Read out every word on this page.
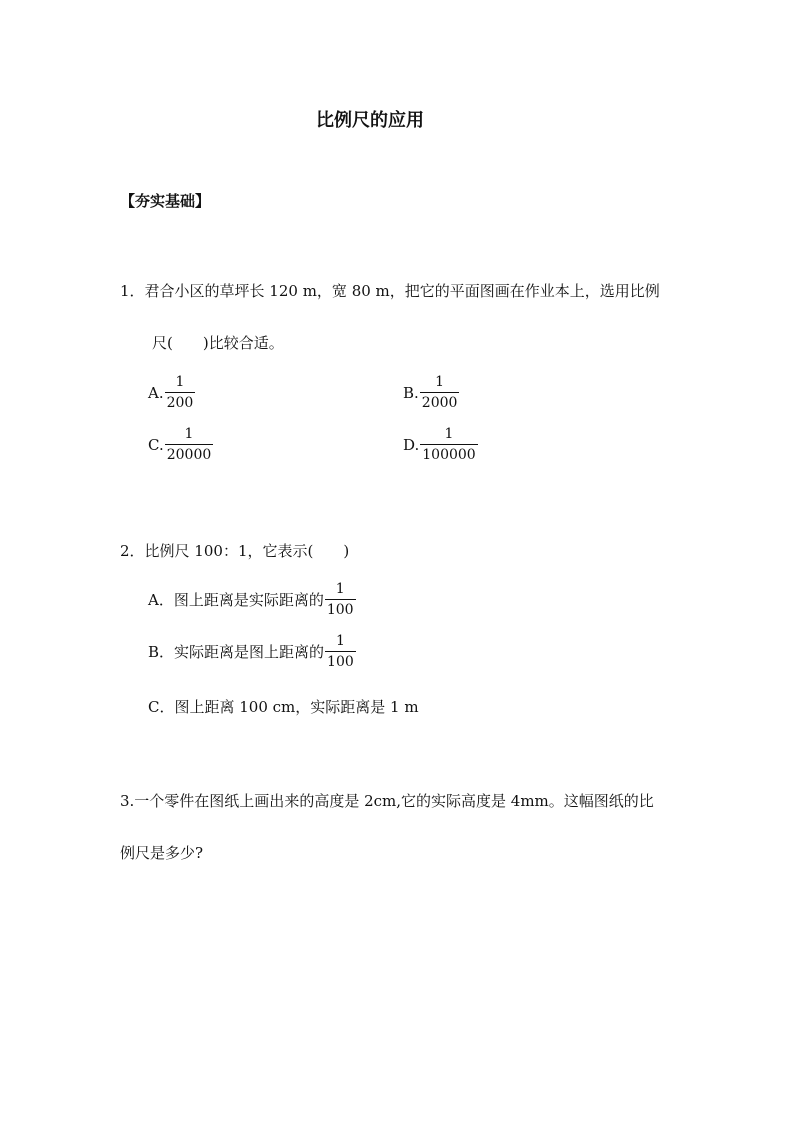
比例尺的应用
【夯实基础】
1．君合小区的草坪长 120 m，宽 80 m，把它的平面图画在作业本上，选用比例
尺(　　)比较合适。
A. $\frac{1}{200}$	B. $\frac{1}{2000}$
C. $\frac{1}{20000}$	D. $\frac{1}{100000}$
2．比例尺 100：1，它表示(　　)
A．图上距离是实际距离的 $\frac{1}{100}$
B．实际距离是图上距离的 $\frac{1}{100}$
C．图上距离 100 cm，实际距离是 1 m
3.一个零件在图纸上画出来的高度是 2cm,它的实际高度是 4mm。这幅图纸的比
例尺是多少?
